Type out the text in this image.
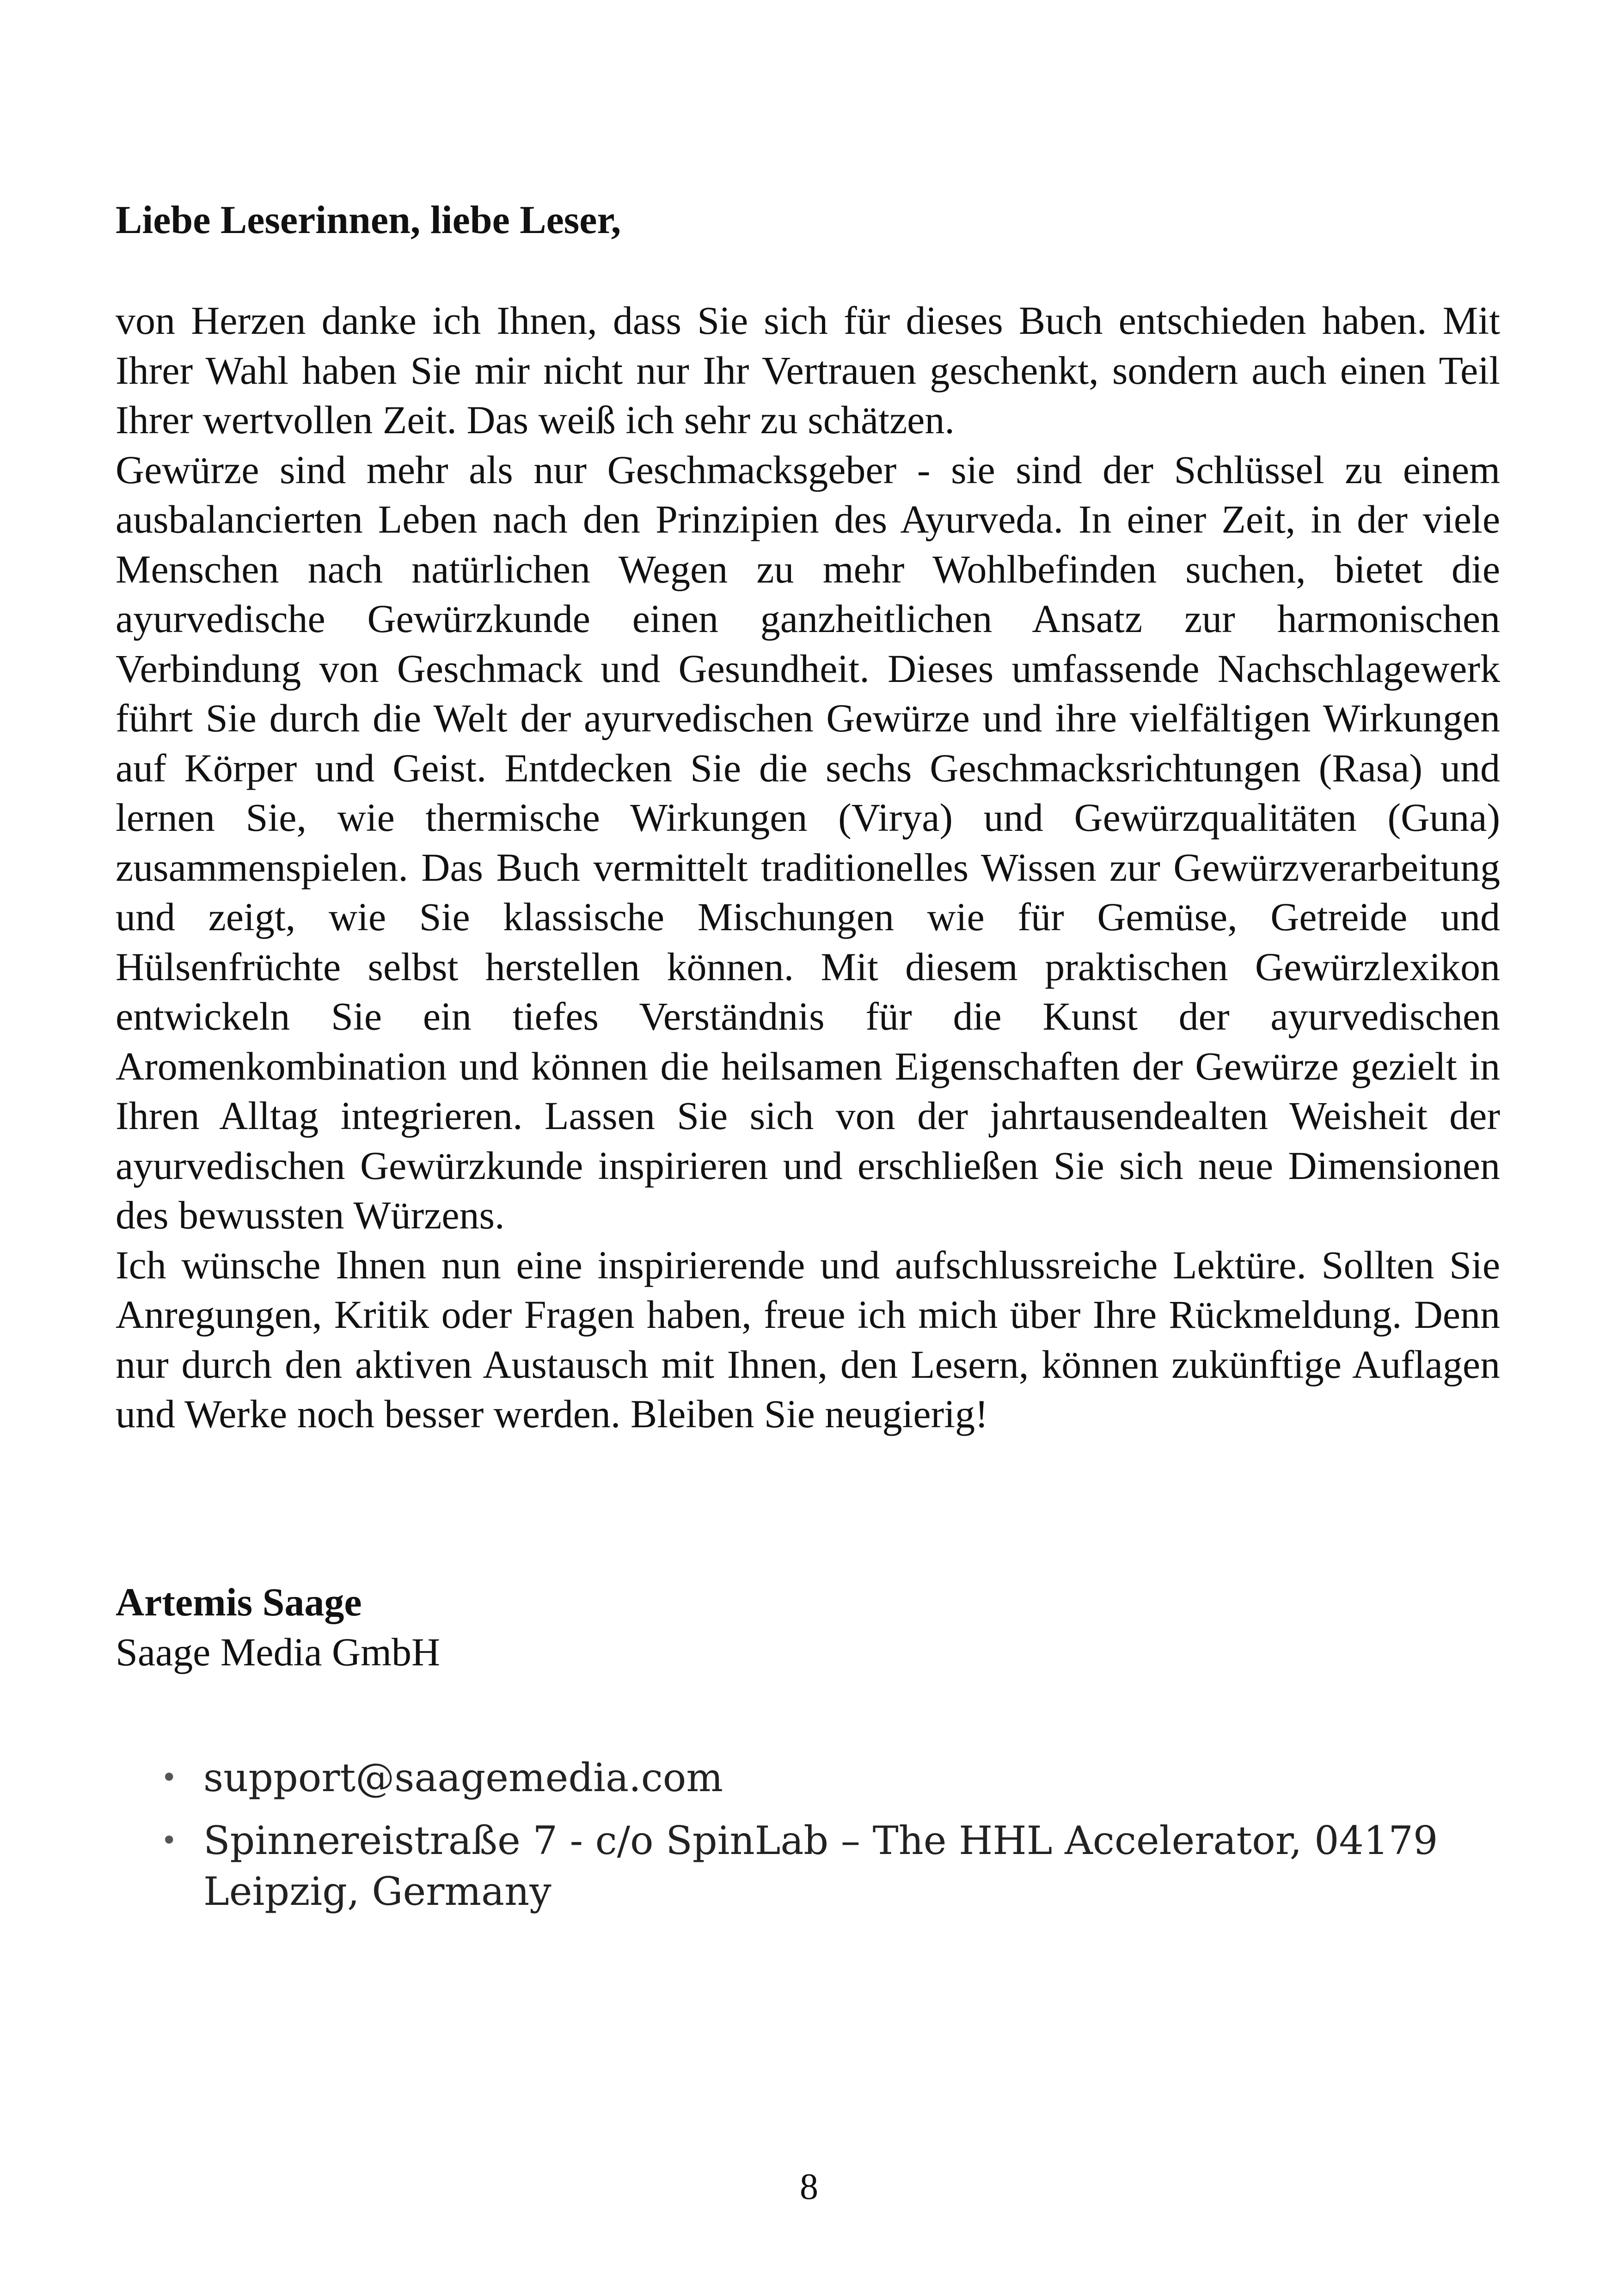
Liebe Leserinnen, liebe Leser,

von Herzen danke ich Ihnen, dass Sie sich für dieses Buch entschieden haben. Mit Ihrer Wahl haben Sie mir nicht nur Ihr Vertrauen geschenkt, sondern auch einen Teil Ihrer wertvollen Zeit. Das weiß ich sehr zu schätzen.

Gewürze sind mehr als nur Geschmacksgeber - sie sind der Schlüssel zu einem ausbalancierten Leben nach den Prinzipien des Ayurveda. In einer Zeit, in der viele Menschen nach natürlichen Wegen zu mehr Wohlbefinden suchen, bietet die ayurvedische Gewürzkunde einen ganzheitlichen Ansatz zur harmonischen Verbindung von Geschmack und Gesundheit. Dieses umfassende Nachschlagewerk führt Sie durch die Welt der ayurvedischen Gewürze und ihre vielfältigen Wirkungen auf Körper und Geist. Entdecken Sie die sechs Geschmacksrichtungen (Rasa) und lernen Sie, wie thermische Wirkungen (Virya) und Gewürzqualitäten (Guna) zusammenspielen. Das Buch vermittelt traditionelles Wissen zur Gewürzverarbeitung und zeigt, wie Sie klassische Mischungen wie für Gemüse, Getreide und Hülsenfrüchte selbst herstellen können. Mit diesem praktischen Gewürzlexikon entwickeln Sie ein tiefes Verständnis für die Kunst der ayurvedischen Aromenkombination und können die heilsamen Eigenschaften der Gewürze gezielt in Ihren Alltag integrieren. Lassen Sie sich von der jahrtausendealten Weisheit der ayurvedischen Gewürzkunde inspirieren und erschließen Sie sich neue Dimensionen des bewussten Würzens.

Ich wünsche Ihnen nun eine inspirierende und aufschlussreiche Lektüre. Sollten Sie Anregungen, Kritik oder Fragen haben, freue ich mich über Ihre Rückmeldung. Denn nur durch den aktiven Austausch mit Ihnen, den Lesern, können zukünftige Auflagen und Werke noch besser werden. Bleiben Sie neugierig!

Artemis Saage
Saage Media GmbH
• support@saagemedia.com
• Spinnereistraße 7 - c/o SpinLab – The HHL Accelerator, 04179 Leipzig, Germany
8
